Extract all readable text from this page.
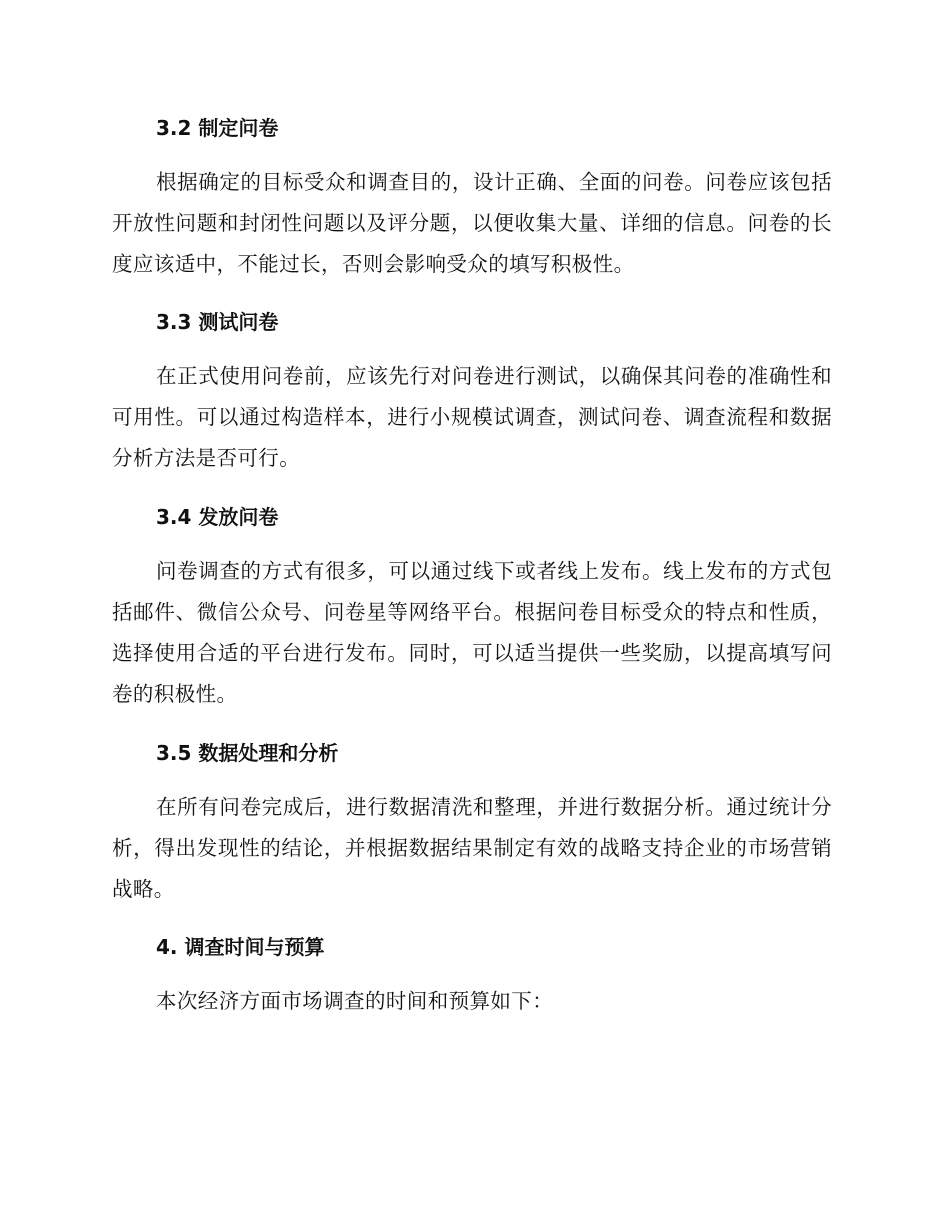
3.2 制定问卷
根据确定的目标受众和调查目的，设计正确、全面的问卷。问卷应该包括开放性问题和封闭性问题以及评分题，以便收集大量、详细的信息。问卷的长度应该适中，不能过长，否则会影响受众的填写积极性。
3.3 测试问卷
在正式使用问卷前，应该先行对问卷进行测试，以确保其问卷的准确性和可用性。可以通过构造样本，进行小规模试调查，测试问卷、调查流程和数据分析方法是否可行。
3.4 发放问卷
问卷调查的方式有很多，可以通过线下或者线上发布。线上发布的方式包括邮件、微信公众号、问卷星等网络平台。根据问卷目标受众的特点和性质，选择使用合适的平台进行发布。同时，可以适当提供一些奖励，以提高填写问卷的积极性。
3.5 数据处理和分析
在所有问卷完成后，进行数据清洗和整理，并进行数据分析。通过统计分析，得出发现性的结论，并根据数据结果制定有效的战略支持企业的市场营销战略。
4. 调查时间与预算
本次经济方面市场调查的时间和预算如下：
